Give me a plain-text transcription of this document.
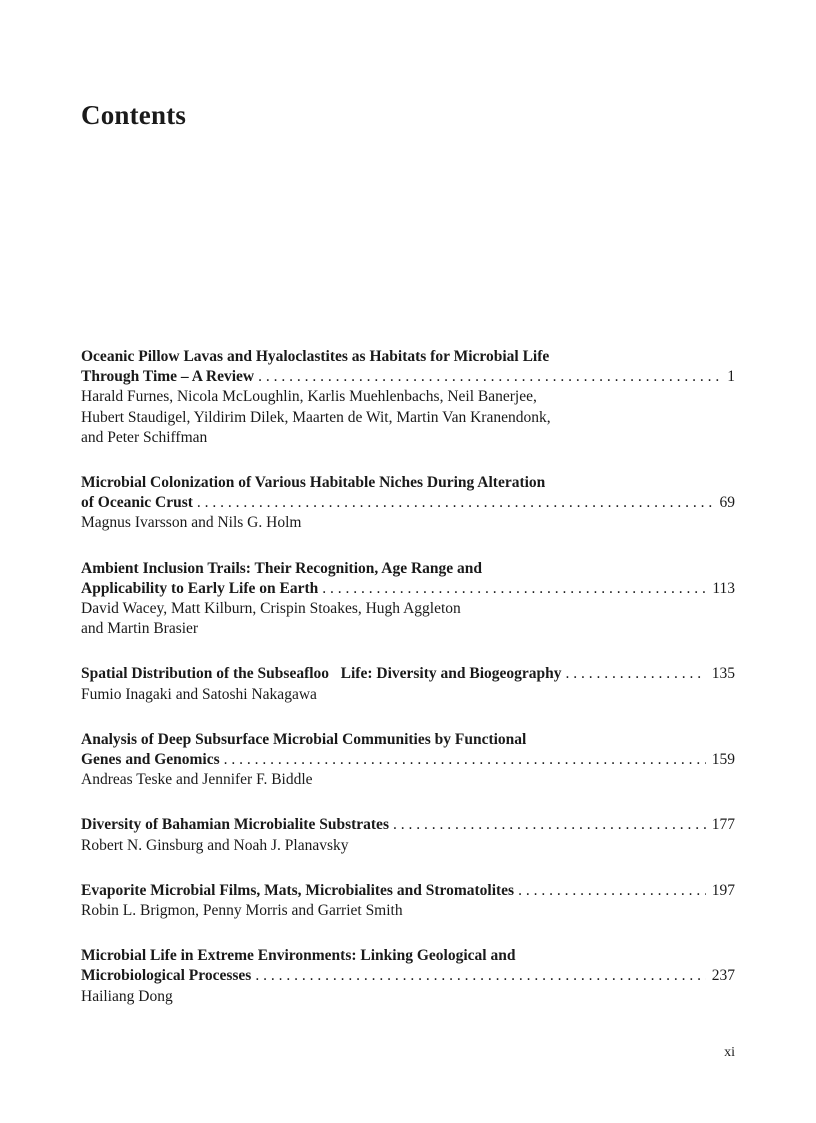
Contents
Oceanic Pillow Lavas and Hyaloclastites as Habitats for Microbial Life
Through Time – A Review . . .	1
Harald Furnes, Nicola McLoughlin, Karlis Muehlenbachs, Neil Banerjee,
Hubert Staudigel, Yildirim Dilek, Maarten de Wit, Martin Van Kranendonk,
and Peter Schiffman
Microbial Colonization of Various Habitable Niches During Alteration
of Oceanic Crust . . .	69
Magnus Ivarsson and Nils G. Holm
Ambient Inclusion Trails: Their Recognition, Age Range and
Applicability to Early Life on Earth . . .	113
David Wacey, Matt Kilburn, Crispin Stoakes, Hugh Aggleton
and Martin Brasier
Spatial Distribution of the Subseafloo   Life: Diversity and Biogeography . . .	135
Fumio Inagaki and Satoshi Nakagawa
Analysis of Deep Subsurface Microbial Communities by Functional
Genes and Genomics . . .	159
Andreas Teske and Jennifer F. Biddle
Diversity of Bahamian Microbialite Substrates . . .	177
Robert N. Ginsburg and Noah J. Planavsky
Evaporite Microbial Films, Mats, Microbialites and Stromatolites . . .	197
Robin L. Brigmon, Penny Morris and Garriet Smith
Microbial Life in Extreme Environments: Linking Geological and
Microbiological Processes . . .	237
Hailiang Dong
xi
